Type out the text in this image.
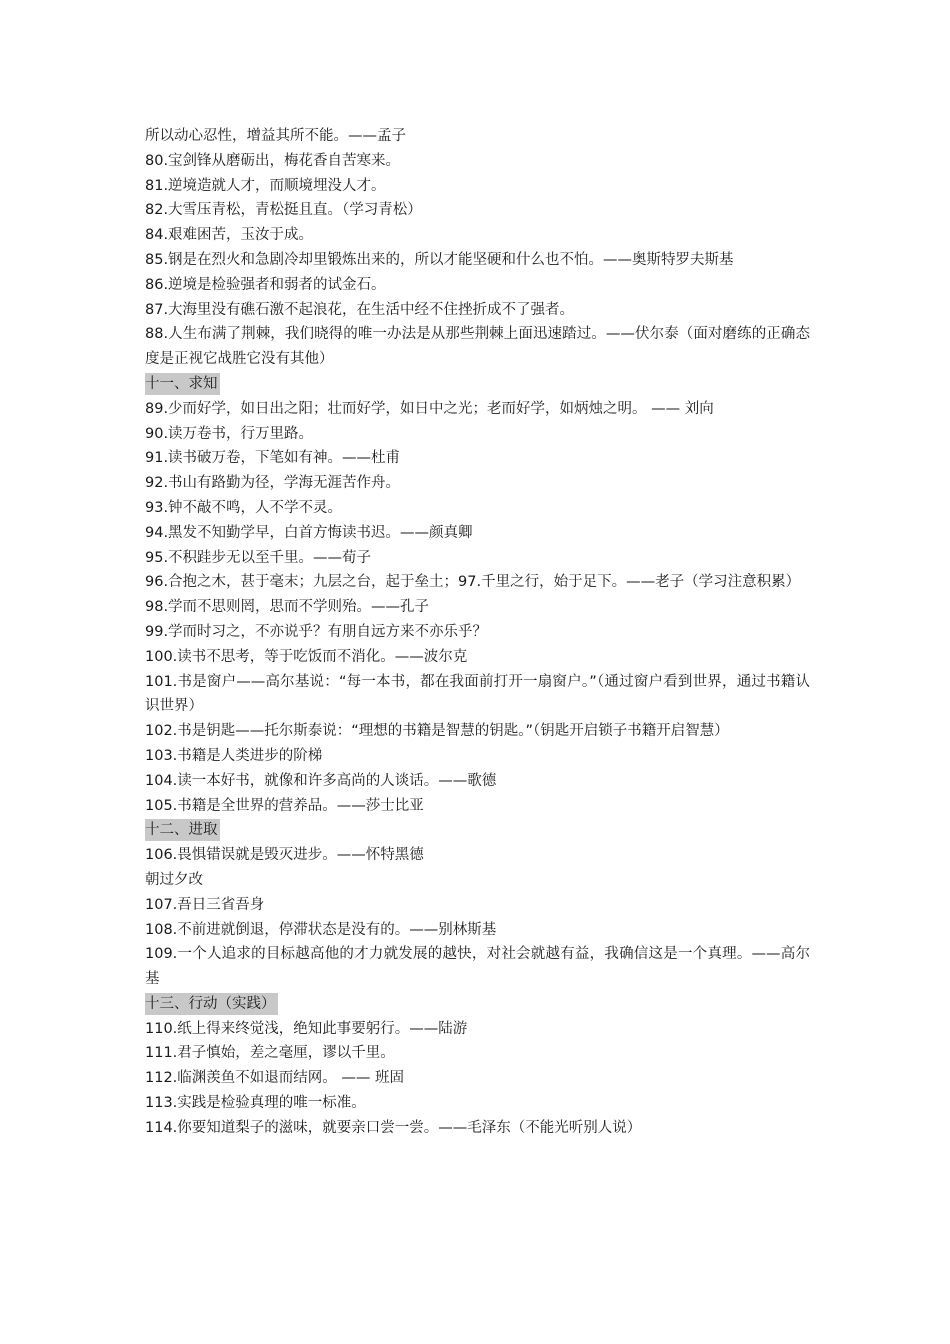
所以动心忍性，增益其所不能。——孟子
80.宝剑锋从磨砺出，梅花香自苦寒来。
81.逆境造就人才，而顺境埋没人才。
82.大雪压青松，青松挺且直。（学习青松）
84.艰难困苦，玉汝于成。
85.钢是在烈火和急剧冷却里锻炼出来的，所以才能坚硬和什么也不怕。——奥斯特罗夫斯基
86.逆境是检验强者和弱者的试金石。
87.大海里没有礁石激不起浪花，在生活中经不住挫折成不了强者。
88.人生布满了荆棘，我们晓得的唯一办法是从那些荆棘上面迅速踏过。——伏尔泰（面对磨练的正确态度是正视它战胜它没有其他）
十一、求知
89.少而好学，如日出之阳；壮而好学，如日中之光；老而好学，如炳烛之明。 —— 刘向
90.读万卷书，行万里路。
91.读书破万卷，下笔如有神。——杜甫
92.书山有路勤为径，学海无涯苦作舟。
93.钟不敲不鸣，人不学不灵。
94.黑发不知勤学早，白首方悔读书迟。——颜真卿
95.不积跬步无以至千里。——荀子
96.合抱之木，甚于毫末；九层之台，起于垒土；97.千里之行，始于足下。——老子（学习注意积累）
98.学而不思则罔，思而不学则殆。——孔子
99.学而时习之，不亦说乎？有朋自远方来不亦乐乎？
100.读书不思考，等于吃饭而不消化。——波尔克
101.书是窗户——高尔基说：“每一本书，都在我面前打开一扇窗户。”（通过窗户看到世界，通过书籍认识世界）
102.书是钥匙——托尔斯泰说：“理想的书籍是智慧的钥匙。”（钥匙开启锁子书籍开启智慧）
103.书籍是人类进步的阶梯
104.读一本好书，就像和许多高尚的人谈话。——歌德
105.书籍是全世界的营养品。——莎士比亚
十二、进取
106.畏惧错误就是毁灭进步。——怀特黑德
朝过夕改
107.吾日三省吾身
108.不前进就倒退，停滞状态是没有的。——别林斯基
109.一个人追求的目标越高他的才力就发展的越快，对社会就越有益，我确信这是一个真理。——高尔基
十三、行动（实践）
110.纸上得来终觉浅，绝知此事要躬行。——陆游
111.君子慎始，差之毫厘，谬以千里。
112.临渊羡鱼不如退而结网。 —— 班固
113.实践是检验真理的唯一标准。
114.你要知道梨子的滋味，就要亲口尝一尝。——毛泽东（不能光听别人说）
